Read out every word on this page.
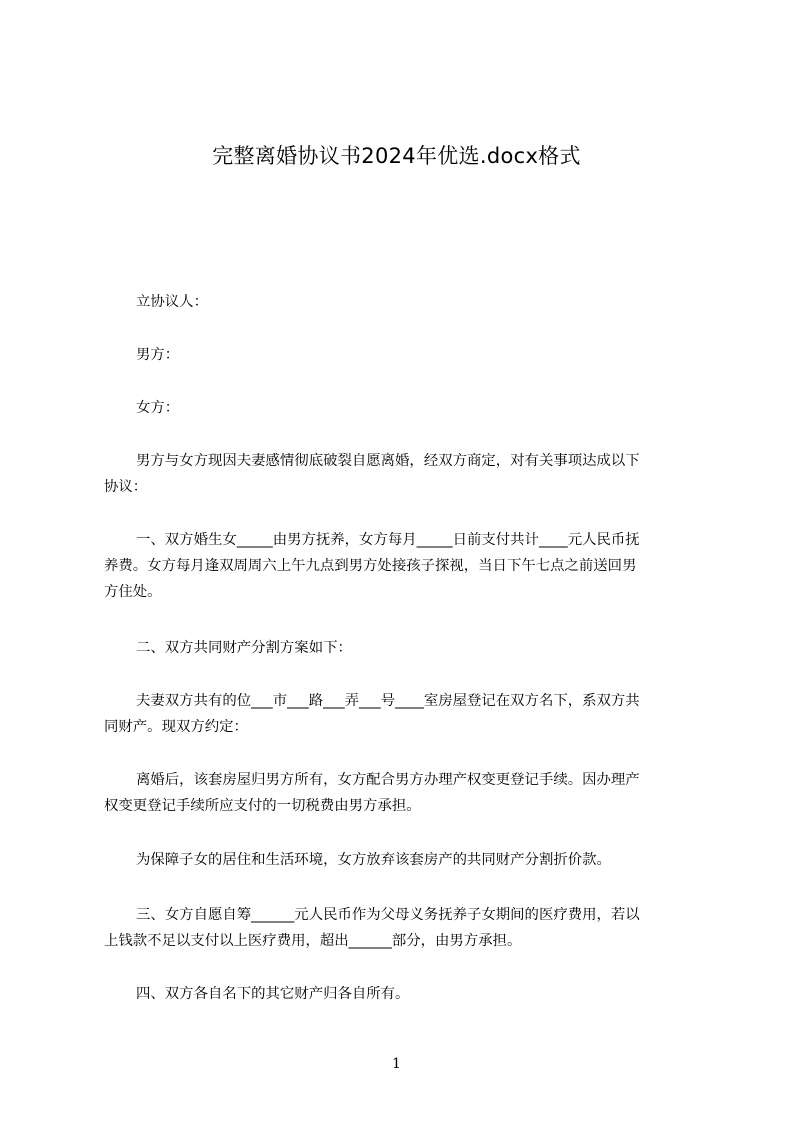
完整离婚协议书2024年优选.docx格式
立协议人：
男方：
女方：
男方与女方现因夫妻感情彻底破裂自愿离婚，经双方商定，对有关事项达成以下
协议：
一、双方婚生女_____由男方抚养，女方每月_____日前支付共计____元人民币抚
养费。女方每月逢双周周六上午九点到男方处接孩子探视，当日下午七点之前送回男
方住处。
二、双方共同财产分割方案如下：
夫妻双方共有的位___市___路___弄___号____室房屋登记在双方名下，系双方共
同财产。现双方约定：
离婚后，该套房屋归男方所有，女方配合男方办理产权变更登记手续。因办理产
权变更登记手续所应支付的一切税费由男方承担。
为保障子女的居住和生活环境，女方放弃该套房产的共同财产分割折价款。
三、女方自愿自筹______元人民币作为父母义务抚养子女期间的医疗费用，若以
上钱款不足以支付以上医疗费用，超出______部分，由男方承担。
四、双方各自名下的其它财产归各自所有。
1
